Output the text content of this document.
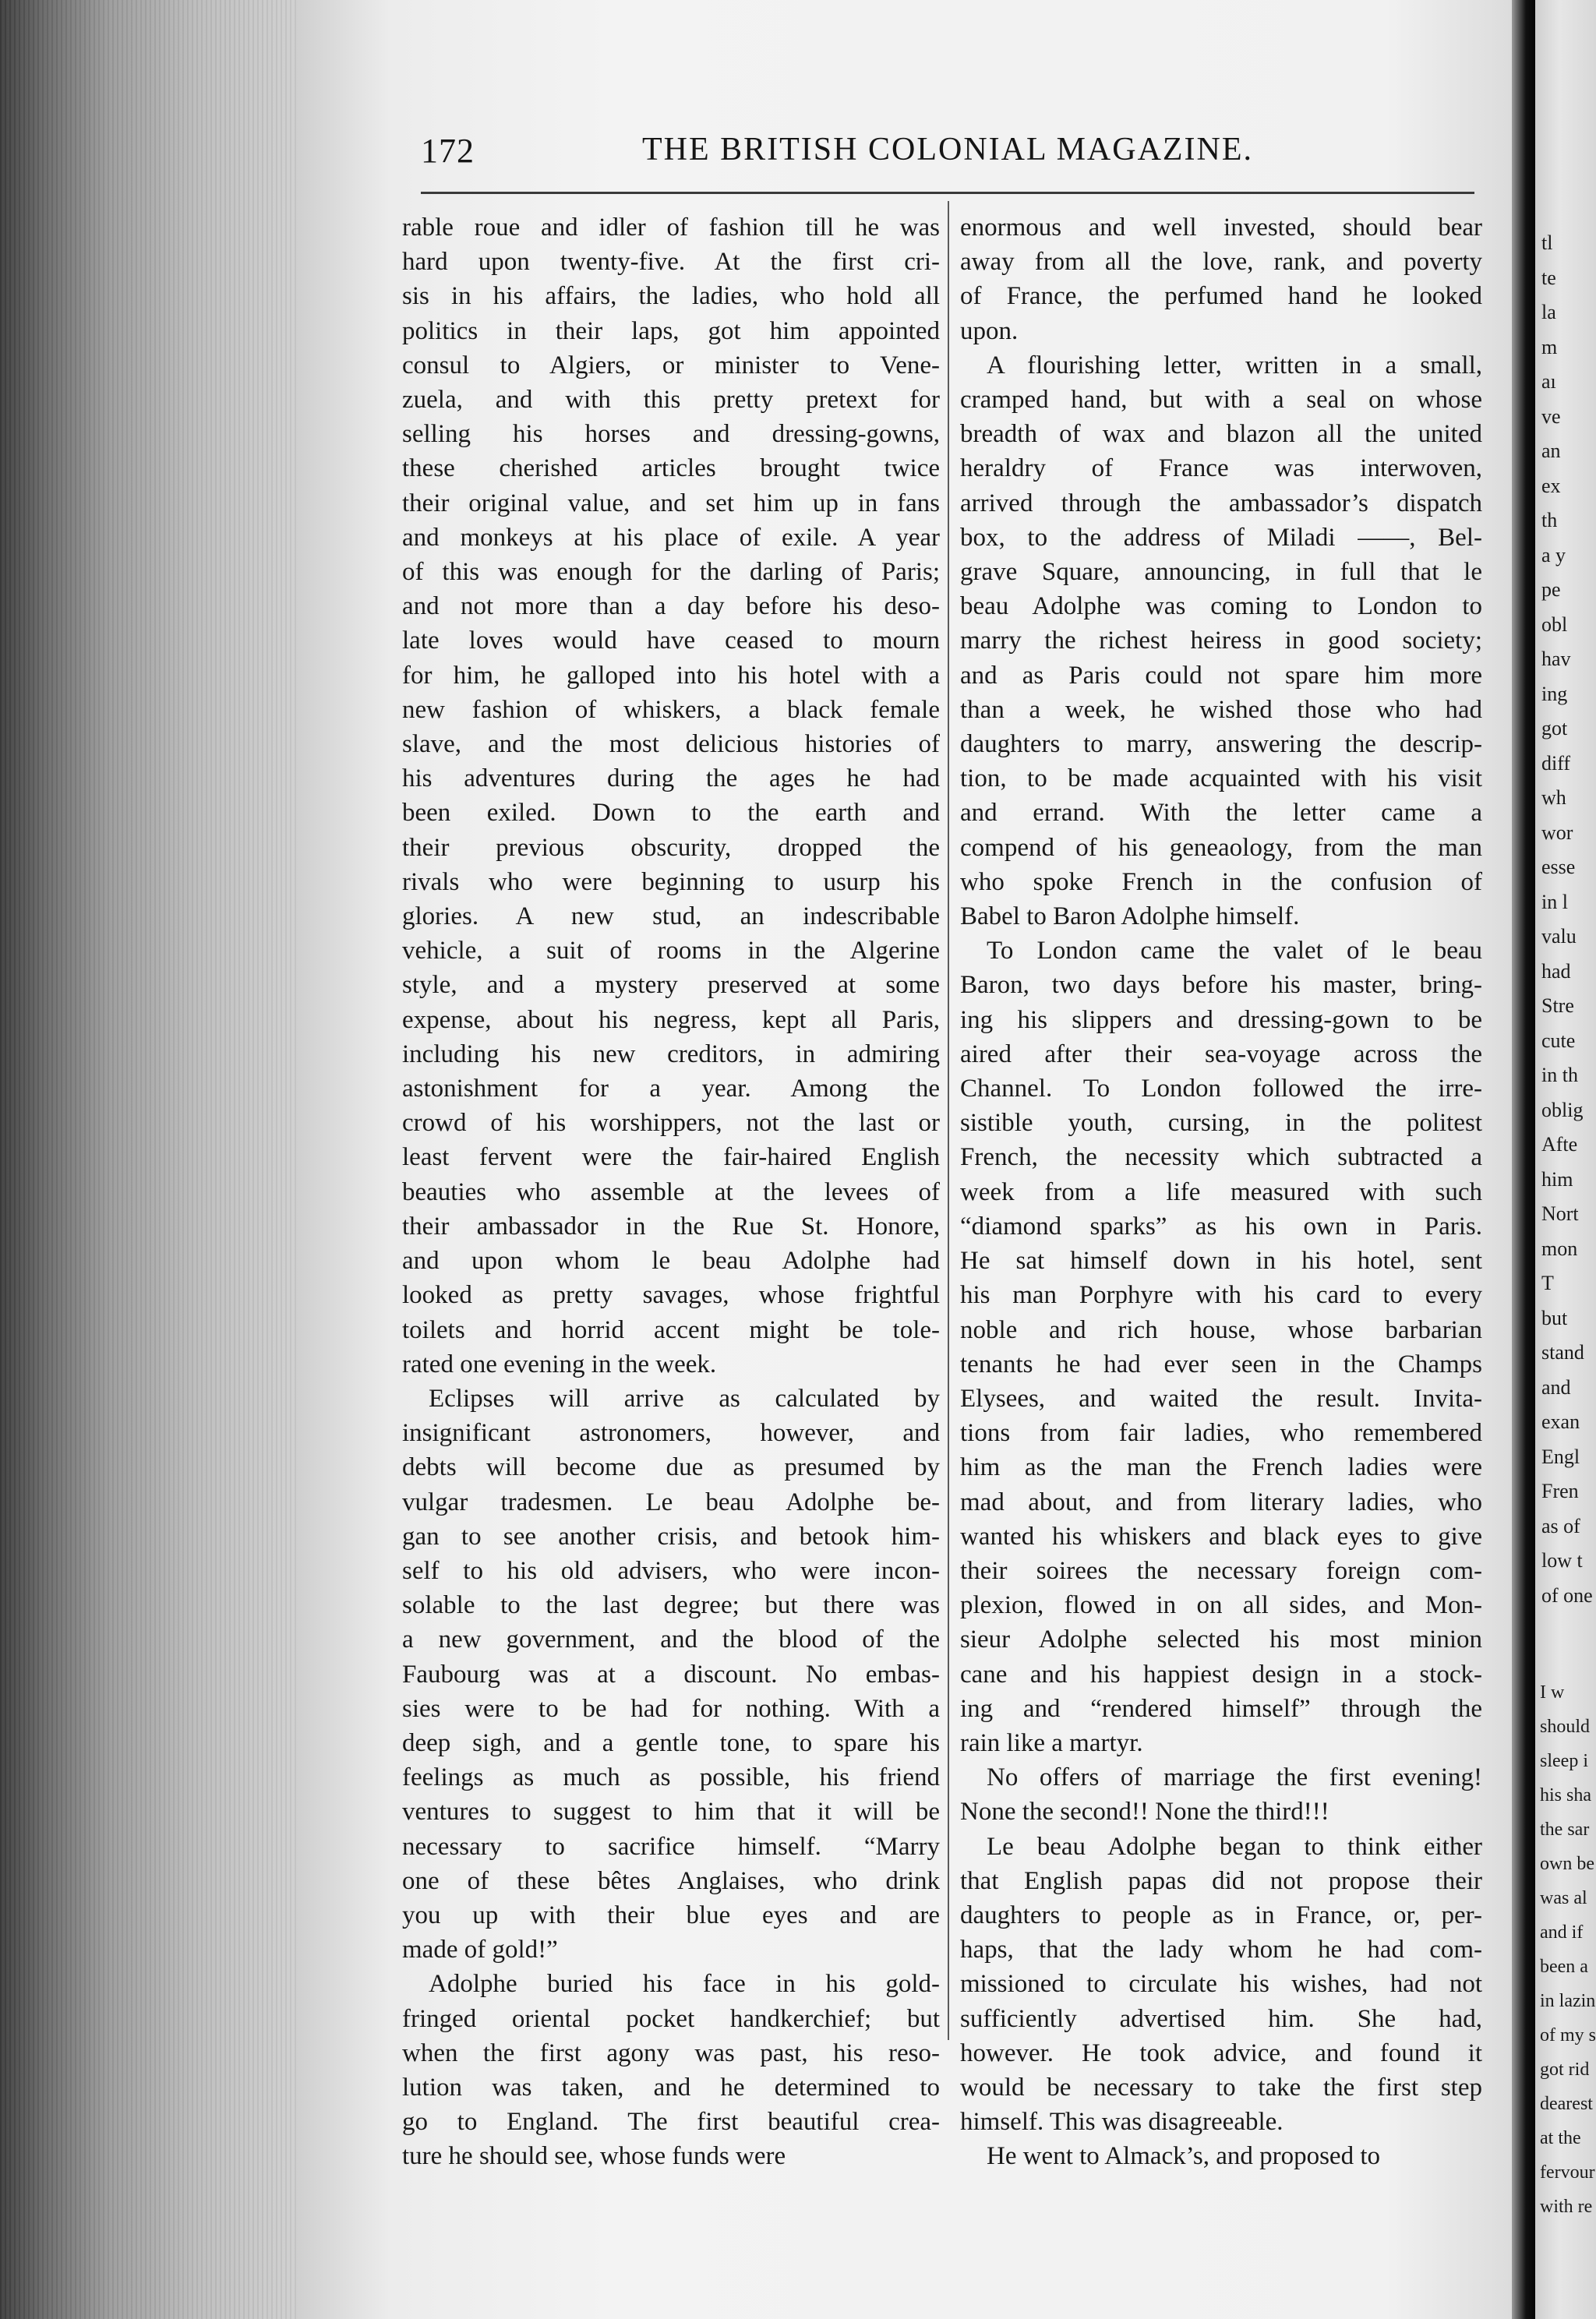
tl
te
la
m
aı
ve
an
ex
th
a y
pe
obl
hav
ing
got
diff
wh
wor
esse
in l
valu
had
Stre
cute
in th
oblig
Afte
him
Nort
mon
T
but
stand
and
exan
Engl
Fren
as of
low t
of one
I w
should
sleep i
his sha
the sar
own be
was al
and if
been a
in lazin
of my s
got rid
dearest
at the
fervour
with re
172	THE BRITISH COLONIAL MAGAZINE.
rable roue and idler of fashion till he was
hard upon twenty-five. At the first cri-
sis in his affairs, the ladies, who hold all
politics in their laps, got him appointed
consul to Algiers, or minister to Vene-
zuela, and with this pretty pretext for
selling his horses and dressing-gowns,
these cherished articles brought twice
their original value, and set him up in fans
and monkeys at his place of exile. A year
of this was enough for the darling of Paris;
and not more than a day before his deso-
late loves would have ceased to mourn
for him, he galloped into his hotel with a
new fashion of whiskers, a black female
slave, and the most delicious histories of
his adventures during the ages he had
been exiled. Down to the earth and
their previous obscurity, dropped the
rivals who were beginning to usurp his
glories. A new stud, an indescribable
vehicle, a suit of rooms in the Algerine
style, and a mystery preserved at some
expense, about his negress, kept all Paris,
including his new creditors, in admiring
astonishment for a year. Among the
crowd of his worshippers, not the last or
least fervent were the fair-haired English
beauties who assemble at the levees of
their ambassador in the Rue St. Honore,
and upon whom le beau Adolphe had
looked as pretty savages, whose frightful
toilets and horrid accent might be tole-
rated one evening in the week.
Eclipses will arrive as calculated by
insignificant astronomers, however, and
debts will become due as presumed by
vulgar tradesmen. Le beau Adolphe be-
gan to see another crisis, and betook him-
self to his old advisers, who were incon-
solable to the last degree; but there was
a new government, and the blood of the
Faubourg was at a discount. No embas-
sies were to be had for nothing. With a
deep sigh, and a gentle tone, to spare his
feelings as much as possible, his friend
ventures to suggest to him that it will be
necessary to sacrifice himself. “Marry
one of these bêtes Anglaises, who drink
you up with their blue eyes and are
made of gold!”
Adolphe buried his face in his gold-
fringed oriental pocket handkerchief; but
when the first agony was past, his reso-
lution was taken, and he determined to
go to England. The first beautiful crea-
ture he should see, whose funds were
enormous and well invested, should bear
away from all the love, rank, and poverty
of France, the perfumed hand he looked
upon.
A flourishing letter, written in a small,
cramped hand, but with a seal on whose
breadth of wax and blazon all the united
heraldry of France was interwoven,
arrived through the ambassador’s dispatch
box, to the address of Miladi ——, Bel-
grave Square, announcing, in full that le
beau Adolphe was coming to London to
marry the richest heiress in good society;
and as Paris could not spare him more
than a week, he wished those who had
daughters to marry, answering the descrip-
tion, to be made acquainted with his visit
and errand. With the letter came a
compend of his geneaology, from the man
who spoke French in the confusion of
Babel to Baron Adolphe himself.
To London came the valet of le beau
Baron, two days before his master, bring-
ing his slippers and dressing-gown to be
aired after their sea-voyage across the
Channel. To London followed the irre-
sistible youth, cursing, in the politest
French, the necessity which subtracted a
week from a life measured with such
“diamond sparks” as his own in Paris.
He sat himself down in his hotel, sent
his man Porphyre with his card to every
noble and rich house, whose barbarian
tenants he had ever seen in the Champs
Elysees, and waited the result. Invita-
tions from fair ladies, who remembered
him as the man the French ladies were
mad about, and from literary ladies, who
wanted his whiskers and black eyes to give
their soirees the necessary foreign com-
plexion, flowed in on all sides, and Mon-
sieur Adolphe selected his most minion
cane and his happiest design in a stock-
ing and “rendered himself” through the
rain like a martyr.
No offers of marriage the first evening!
None the second!! None the third!!!
Le beau Adolphe began to think either
that English papas did not propose their
daughters to people as in France, or, per-
haps, that the lady whom he had com-
missioned to circulate his wishes, had not
sufficiently advertised him. She had,
however. He took advice, and found it
would be necessary to take the first step
himself. This was disagreeable.
He went to Almack’s, and proposed to
